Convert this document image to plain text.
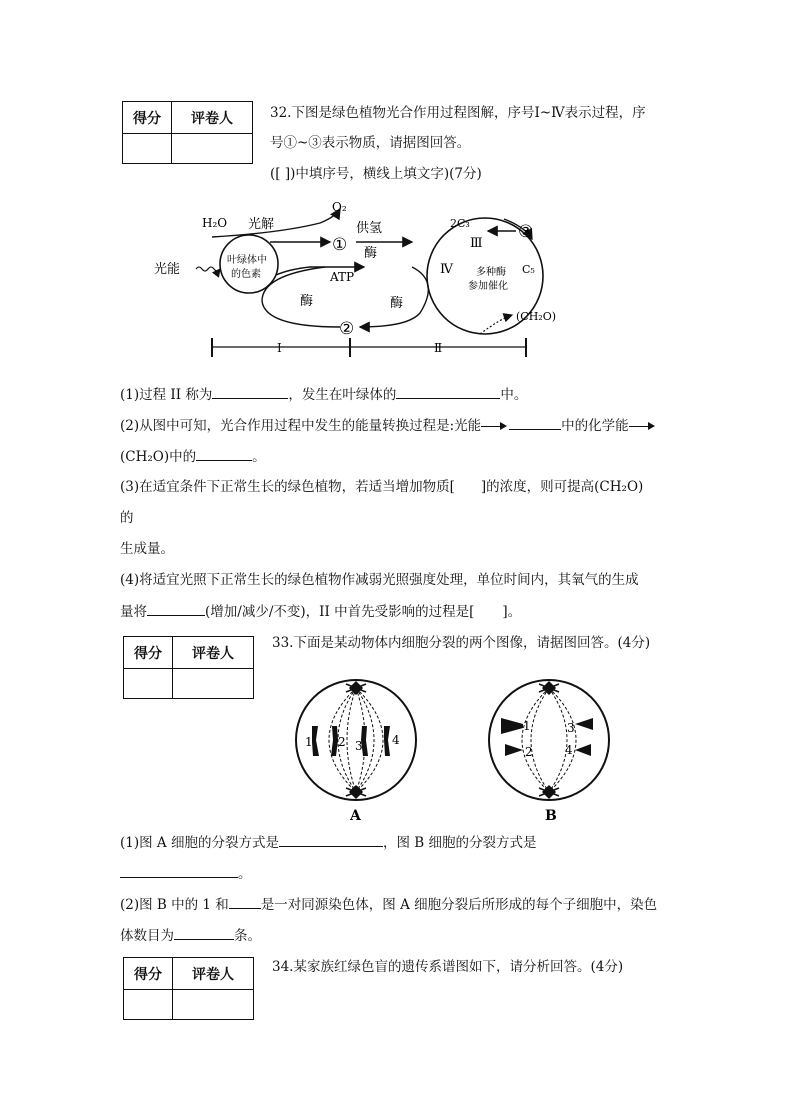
得分	评卷人
		32.下图是绿色植物光合作用过程图解，序号Ⅰ~Ⅳ表示过程，序
号①~③表示物质，请据图回答。
([ ])中填序号，横线上填文字)(7分)
H₂O 光解
O₂
①
供氢
酶
光能
叶绿体中
的色素	ATP
酶	酶
②
Ⅳ
Ⅲ
2C₃
C₅
③
多种酶
参加催化
(CH₂O)
Ⅰ	Ⅱ
(1)过程 II 称为	，发生在叶绿体的	中。
(2)从图中可知，光合作用过程中发生的能量转换过程是:光能	中的化学能
(CH₂O)中的	。
(3)在适宜条件下正常生长的绿色植物，若适当增加物质[ ]的浓度，则可提高(CH₂O)
的
生成量。
(4)将适宜光照下正常生长的绿色植物作减弱光照强度处理，单位时间内，其氧气的生成
量将	(增加/减少/不变)，II 中首先受影响的过程是[ ]。
得分	评卷人

33.下面是某动物体内细胞分裂的两个图像，请据图回答。(4分)
1 2 3 4
A
1
2
3
4
B
(1)图 A 细胞的分裂方式是	，图 B 细胞的分裂方式是
。
(2)图 B 中的 1 和 是一对同源染色体，图 A 细胞分裂后所形成的每个子细胞中，染色
体数目为	条。
得分	评卷人
		34.某家族红绿色盲的遗传系谱图如下，请分析回答。(4分)
